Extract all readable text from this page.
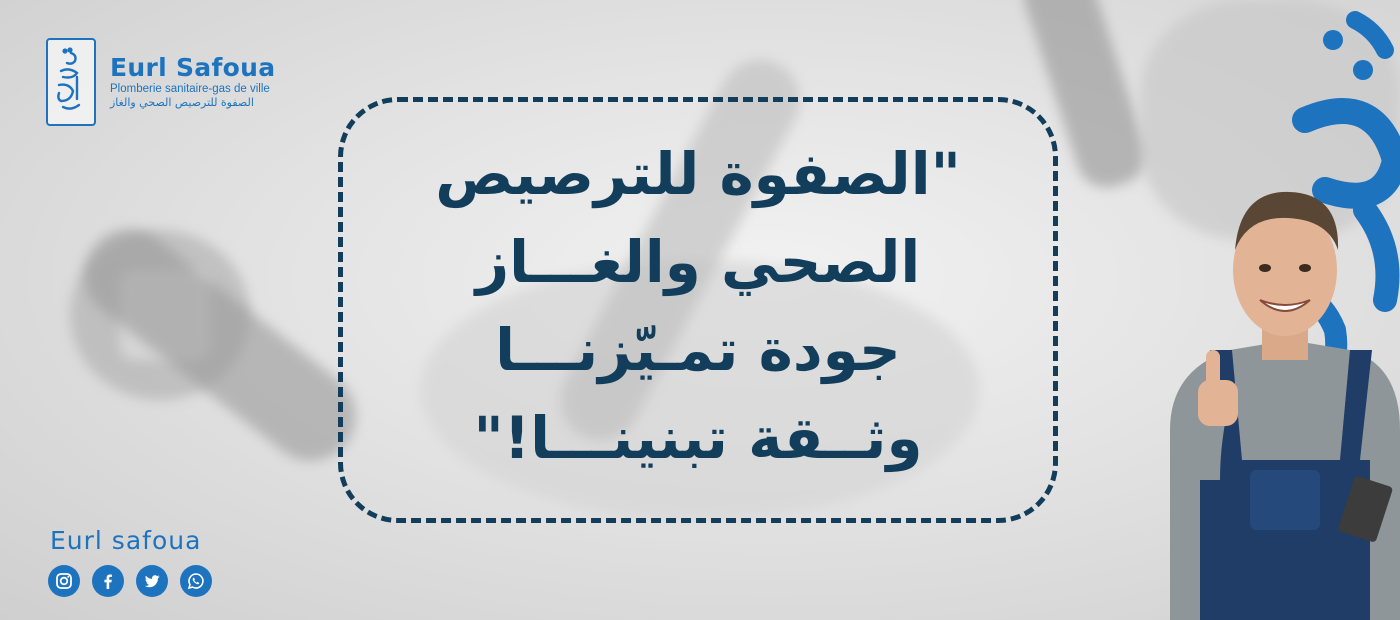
Eurl Safoua
Plomberie sanitaire-gas de ville
الصفوة للترصيص الصحي والغاز
"الصفوة للترصيص
الصحي والغـــاز
جودة تمـيّزنـــا
وثــقة تبنينـــا!"
Eurl safoua
